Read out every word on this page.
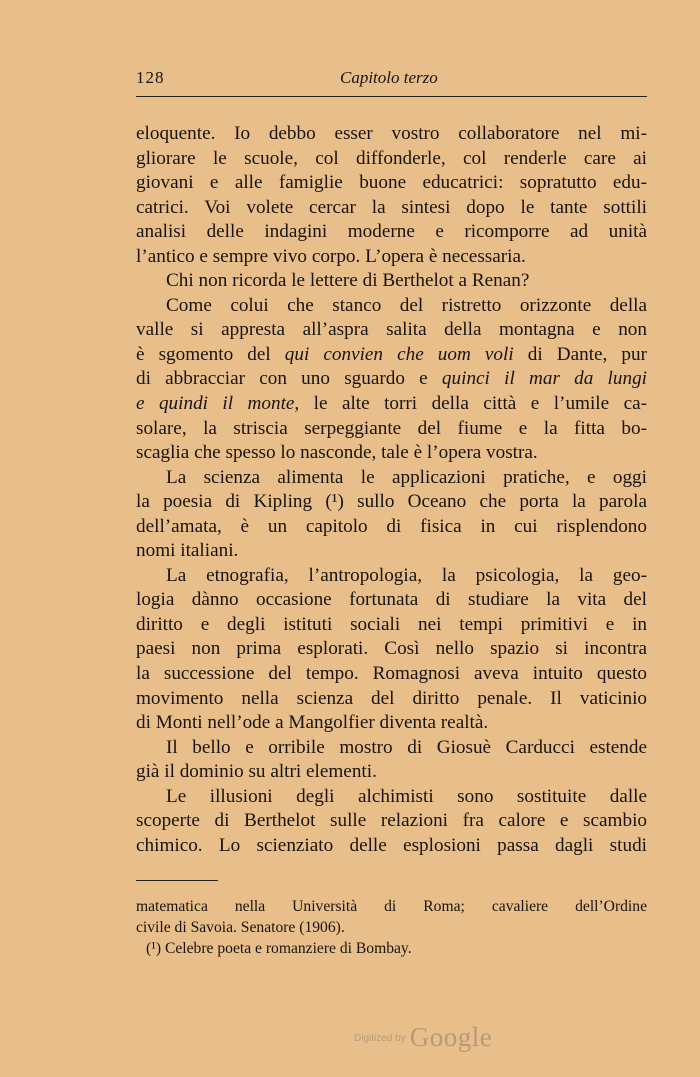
128	Capitolo terzo
eloquente. Io debbo esser vostro collaboratore nel mi-
gliorare le scuole, col diffonderle, col renderle care ai
giovani e alle famiglie buone educatrici: sopratutto edu-
catrici. Voi volete cercar la sintesi dopo le tante sottili
analisi delle indagini moderne e ricomporre ad unità
l’antico e sempre vivo corpo. L’opera è necessaria.
Chi non ricorda le lettere di Berthelot a Renan?
Come colui che stanco del ristretto orizzonte della
valle si appresta all’aspra salita della montagna e non
è sgomento del qui convien che uom voli di Dante, pur
di abbracciar con uno sguardo e quinci il mar da lungi
e quindi il monte, le alte torri della città e l’umile ca-
solare, la striscia serpeggiante del fiume e la fitta bo-
scaglia che spesso lo nasconde, tale è l’opera vostra.
La scienza alimenta le applicazioni pratiche, e oggi
la poesia di Kipling (¹) sullo Oceano che porta la parola
dell’amata, è un capitolo di fisica in cui risplendono
nomi italiani.
La etnografia, l’antropologia, la psicologia, la geo-
logia dànno occasione fortunata di studiare la vita del
diritto e degli istituti sociali nei tempi primitivi e in
paesi non prima esplorati. Così nello spazio si incontra
la successione del tempo. Romagnosi aveva intuito questo
movimento nella scienza del diritto penale. Il vaticinio
di Monti nell’ode a Mangolfier diventa realtà.
Il bello e orribile mostro di Giosuè Carducci estende
già il dominio su altri elementi.
Le illusioni degli alchimisti sono sostituite dalle
scoperte di Berthelot sulle relazioni fra calore e scambio
chimico. Lo scienziato delle esplosioni passa dagli studi
matematica nella Università di Roma; cavaliere dell’Ordine
civile di Savoia. Senatore (1906).
(¹) Celebre poeta e romanziere di Bombay.
$^{Digitized by}$ Google
